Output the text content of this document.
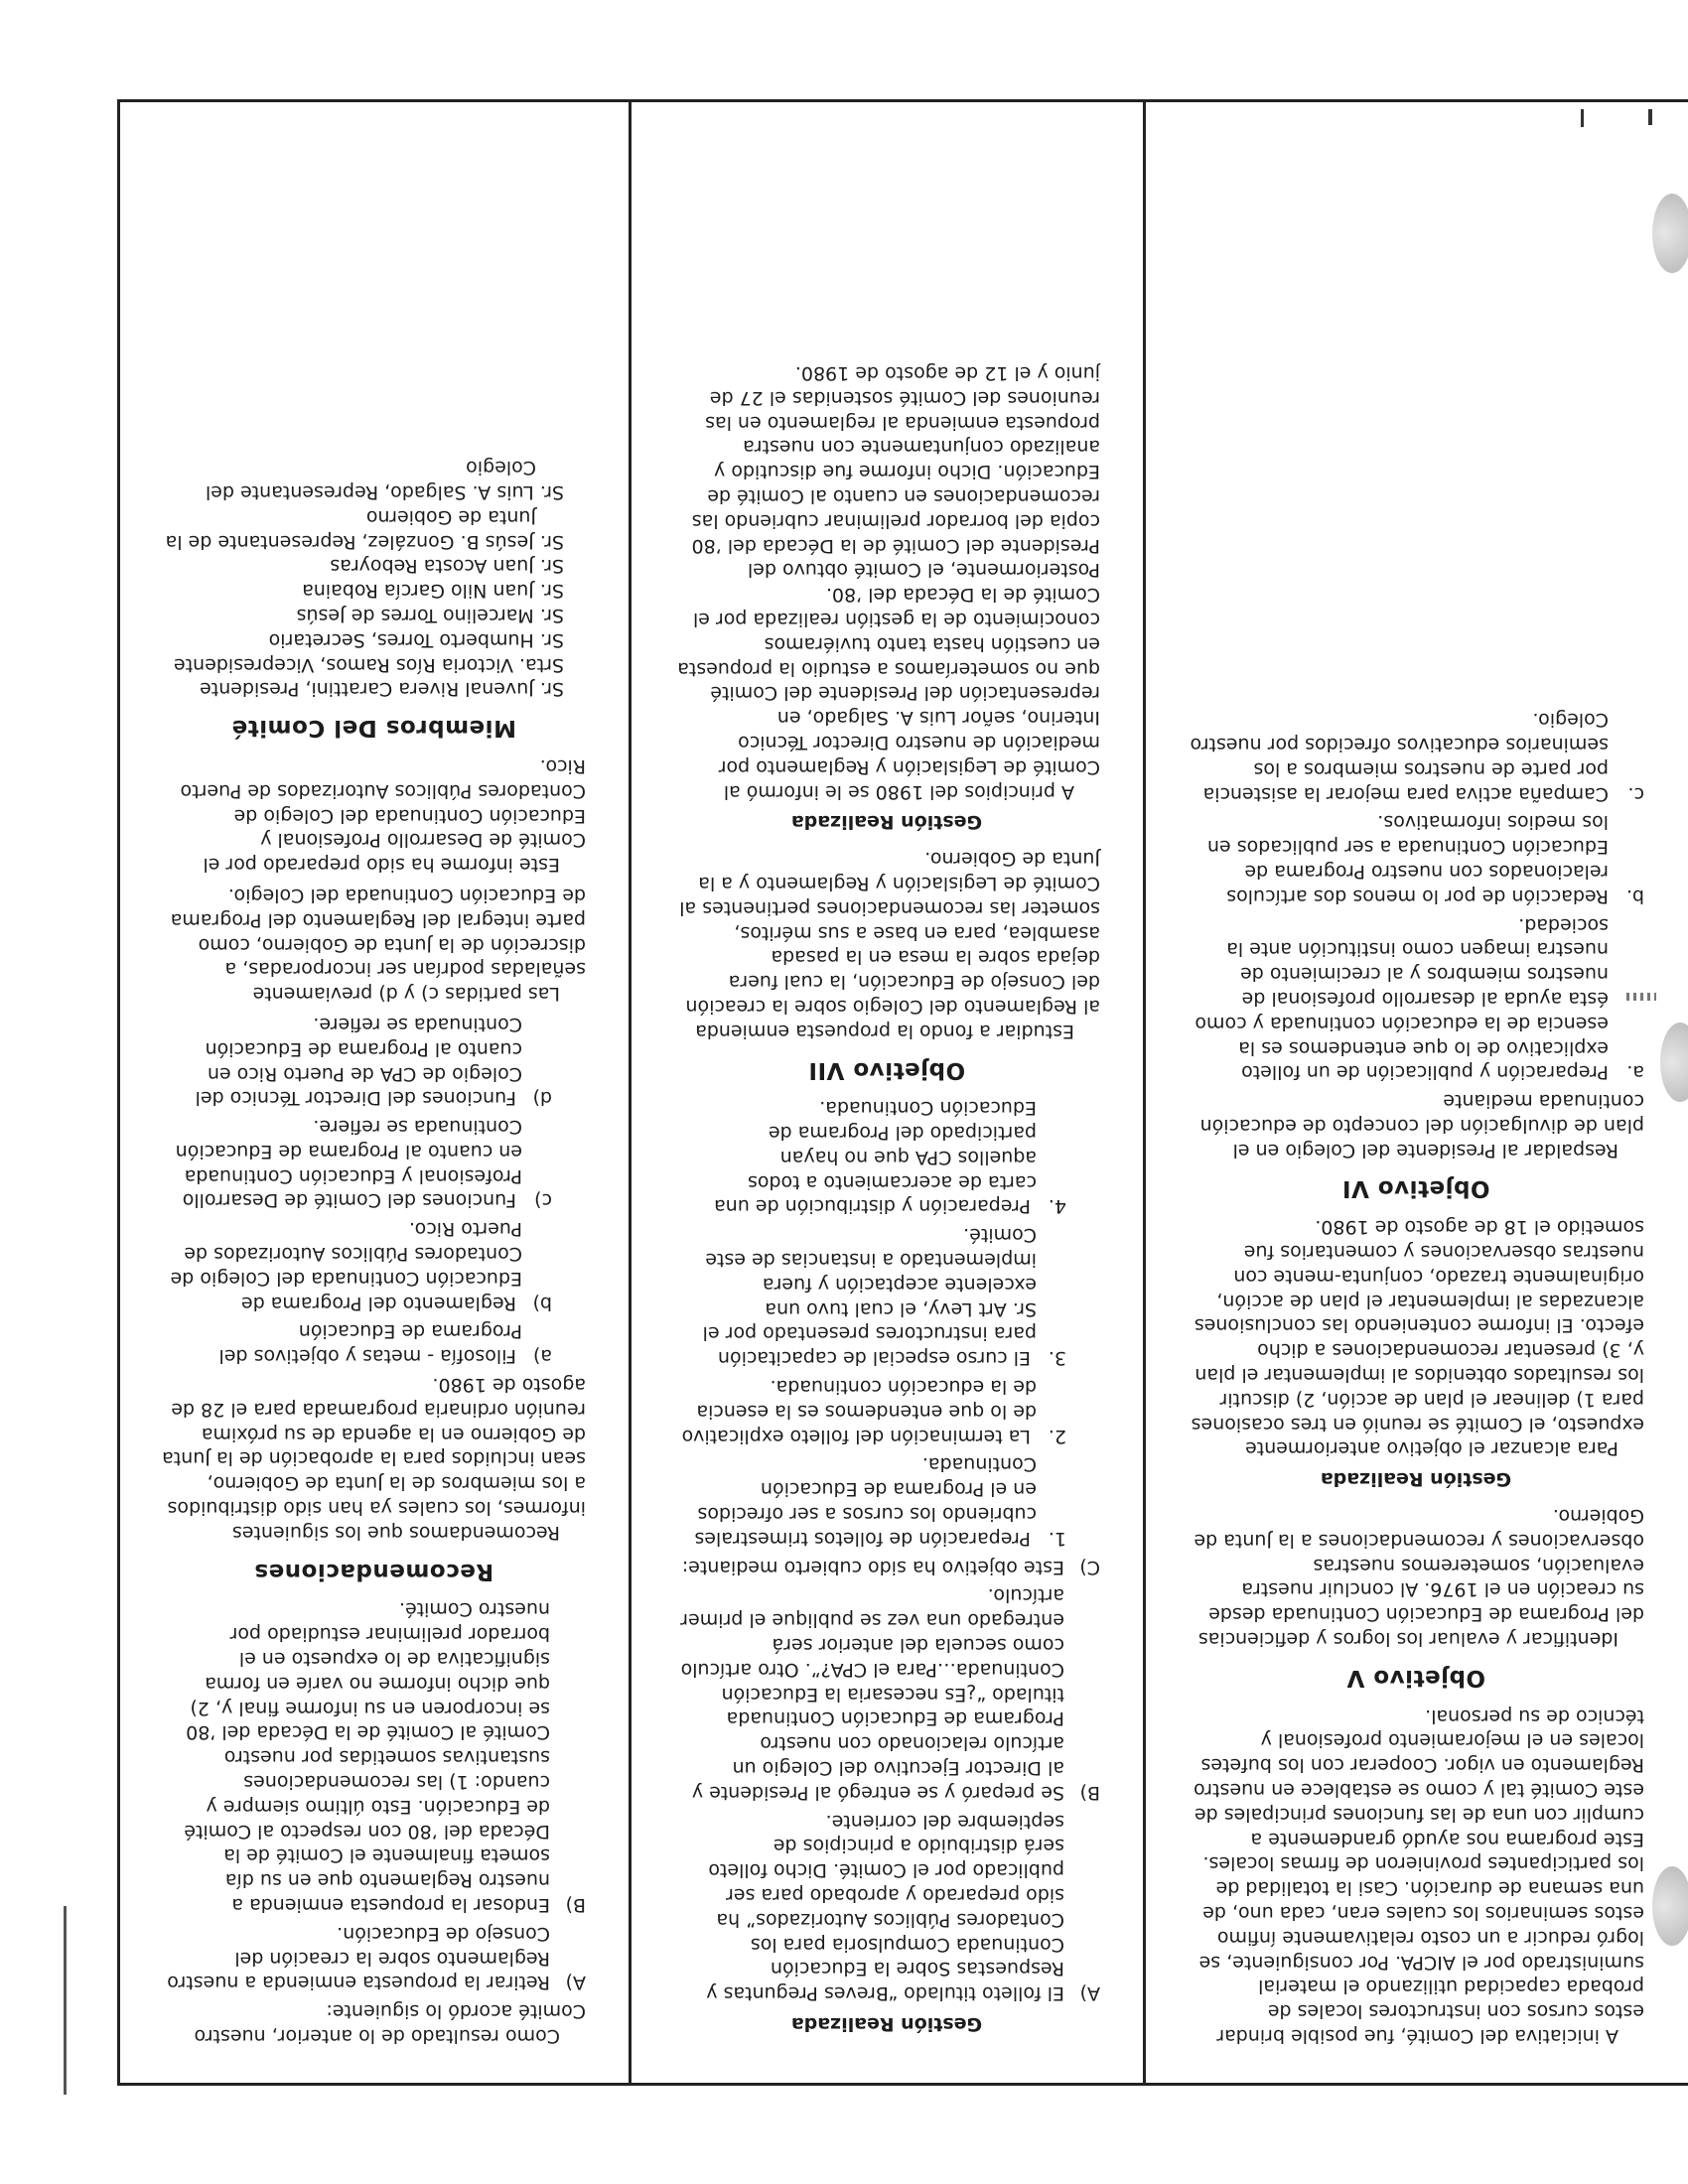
A iniciativa del Comité, fue posible brindar estos cursos con instructores locales de probada capacidad utilizando el material suministrado por el AICPA. Por consiguiente, se logró reducir a un costo relativamente ínfimo estos seminarios los cuales eran, cada uno, de una semana de duración. Casi la totalidad de los participantes provinieron de firmas locales. Este programa nos ayudó grandemente a cumplir con una de las funciones principales de este Comité tal y como se establece en nuestro Reglamento en vigor. Cooperar con los bufetes locales en el mejoramiento profesional y técnico de su personal.

Objetivo V

Identificar y evaluar los logros y deficiencias del Programa de Educación Continuada desde su creación en el 1976. Al concluir nuestra evaluación, someteremos nuestras observaciones y recomendaciones a la Junta de Gobierno.

Gestión Realizada

Para alcanzar el objetivo anteriormente expuesto, el Comité se reunió en tres ocasiones para 1) delinear el plan de acción, 2) discutir los resultados obtenidos al implementar el plan y, 3) presentar recomendaciones a dicho efecto. El informe conteniendo las conclusiones alcanzadas al implementar el plan de acción, originalmente trazado, conjunta-mente con nuestras observaciones y comentarios fue sometido el 18 de agosto de 1980.

Objetivo VI

Respaldar al Presidente del Colegio en el plan de divulgación del concepto de educación continuada mediante

a.Preparación y publicación de un folleto explicativo de lo que entendemos es la esencia de la educación continuada y como ésta ayuda al desarrollo profesional de nuestros miembros y al crecimiento de nuestra imagen como institución ante la sociedad.
b.Redacción de por lo menos dos artículos relacionados con nuestro Programa de Educación Continuada a ser publicados en los medios informativos.
c.Campaña activa para mejorar la asistencia por parte de nuestros miembros a los seminarios educativos ofrecidos por nuestro Colegio.
Gestión Realizada
A)El folleto titulado “Breves Preguntas y Respuestas Sobre la Educación Continuada Compulsoria para los Contadores Públicos Autorizados” ha sido preparado y aprobado para ser publicado por el Comité. Dicho folleto será distribuido a principios de septiembre del corriente.
B)Se preparó y se entregó al Presidente y al Director Ejecutivo del Colegio un artículo relacionado con nuestro Programa de Educación Continuada titulado “¿Es necesaria la Educación Continuada…Para el CPA?”. Otro artículo como secuela del anterior será entregado una vez se publique el primer artículo.
C)Este objetivo ha sido cubierto mediante:
1.Preparación de folletos trimestrales cubriendo los cursos a ser ofrecidos en el Programa de Educación Continuada.
2.La terminación del folleto explicativo de lo que entendemos es la esencia de la educación continuada.
3.El curso especial de capacitación para instructores presentado por el Sr. Art Levy, el cual tuvo una excelente aceptación y fuera implementado a instancias de este Comité.
4.Preparación y distribución de una carta de acercamiento a todos aquellos CPA que no hayan participado del Programa de Educación Continuada.
Objetivo VII

Estudiar a fondo la propuesta enmienda al Reglamento del Colegio sobre la creación del Consejo de Educación, la cual fuera dejada sobre la mesa en la pasada asamblea, para en base a sus méritos, someter las recomendaciones pertinentes al Comité de Legislación y Reglamento y a la Junta de Gobierno.

Gestión Realizada

A principios del 1980 se le informó al Comité de Legislación y Reglamento por mediación de nuestro Director Técnico Interino, señor Luis A. Salgado, en representación del Presidente del Comité que no someteríamos a estudio la propuesta en cuestión hasta tanto tuviéramos conocimiento de la gestión realizada por el Comité de la Década del ’80. Posteriormente, el Comité obtuvo del Presidente del Comité de la Década del ’80 copia del borrador preliminar cubriendo las recomendaciones en cuanto al Comité de Educación. Dicho informe fue discutido y analizado conjuntamente con nuestra propuesta enmienda al reglamento en las reuniones del Comité sostenidas el 27 de junio y el 12 de agosto de 1980.

Como resultado de lo anterior, nuestro Comité acordó lo siguiente:

A)Retirar la propuesta enmienda a nuestro Reglamento sobre la creación del Consejo de Educación.
B)Endosar la propuesta enmienda a nuestro Reglamento que en su día someta finalmente el Comité de la Década del ’80 con respecto al Comité de Educación. Esto último siempre y cuando: 1) las recomendaciones sustantivas sometidas por nuestro Comité al Comité de la Década del ’80 se incorporen en su informe final y, 2) que dicho informe no varíe en forma significativa de lo expuesto en el borrador preliminar estudiado por nuestro Comité.
Recomendaciones

Recomendamos que los siguientes informes, los cuales ya han sido distribuidos a los miembros de la Junta de Gobierno, sean incluidos para la aprobación de la Junta de Gobierno en la agenda de su próxima reunión ordinaria programada para el 28 de agosto de 1980.

a)Filosofía - metas y objetivos del Programa de Educación
b)Reglamento del Programa de Educación Continuada del Colegio de Contadores Públicos Autorizados de Puerto Rico.
c)Funciones del Comité de Desarrollo Profesional y Educación Continuada en cuanto al Programa de Educación Continuada se refiere.
d)Funciones del Director Técnico del Colegio de CPA de Puerto Rico en cuanto al Programa de Educación Continuada se refiere.

Las partidas c) y d) previamente señaladas podrían ser incorporadas, a discreción de la Junta de Gobierno, como parte integral del Reglamento del Programa de Educación Continuada del Colegio.

Este informe ha sido preparado por el Comité de Desarrollo Profesional y Educación Continuada del Colegio de Contadores Públicos Autorizados de Puerto Rico.

Miembros Del Comité

Sr. Juvenal Rivera Carattini, Presidente

Srta. Victoria Ríos Ramos, Vicepresidente

Sr. Humberto Torres, Secretario

Sr. Marcelino Torres de Jesús

Sr. Juan Nilo García Robaina

Sr. Juan Acosta Reboyras

Sr. Jesús B. González, Representante de la Junta de Gobierno

Sr. Luis A. Salgado, Representante del Colegio
